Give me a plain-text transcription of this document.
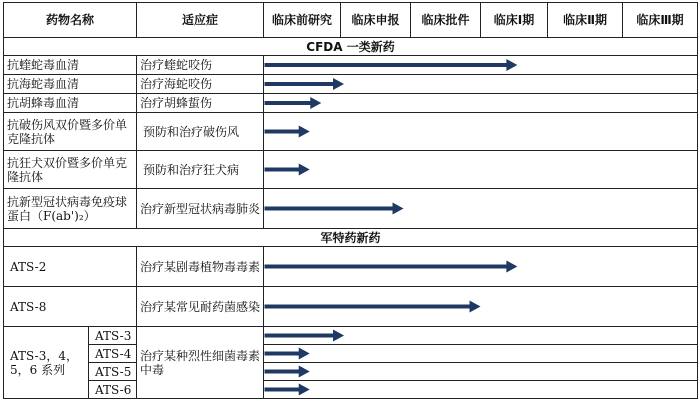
药物名称		适应症	临床前研究	临床申报	临床批件	临床Ⅰ期	临床Ⅱ期	临床Ⅲ期
CFDA 一类新药								
抗蝰蛇毒血清		治疗蝰蛇咬伤						
抗海蛇毒血清		治疗海蛇咬伤						
抗胡蜂毒血清		治疗胡蜂蜇伤						
抗破伤风双价暨多价单克隆抗体		预防和治疗破伤风						
抗狂犬双价暨多价单克隆抗体		预防和治疗狂犬病						
抗新型冠状病毒免疫球蛋白（F(ab')₂）		治疗新型冠状病毒肺炎						
军特药新药								
ATS-2		治疗某剧毒植物毒毒素						
ATS-8		治疗某常见耐药菌感染						
ATS-3，4，5，6 系列	ATS-3	治疗某种烈性细菌毒素中毒						
	ATS-4							
	ATS-5							
	ATS-6							
